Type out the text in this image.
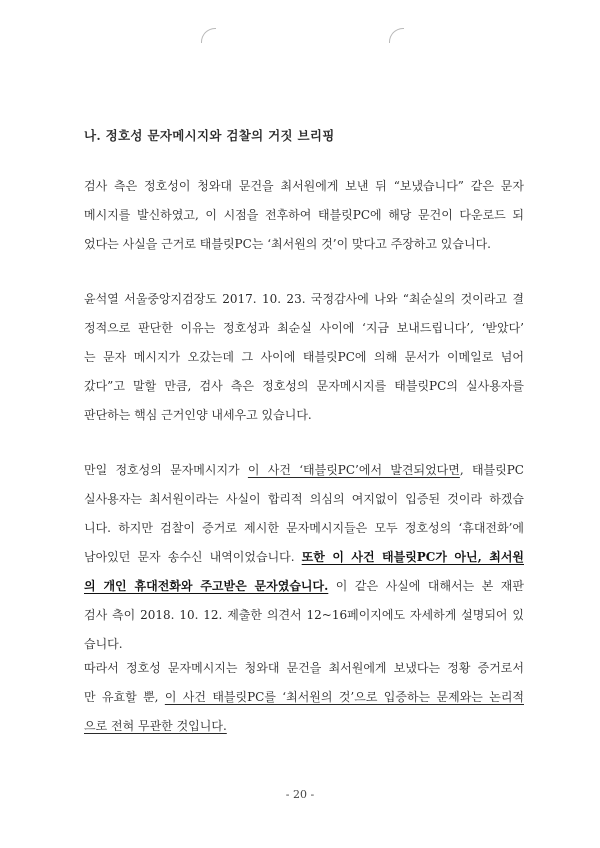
나. 정호성 문자메시지와 검찰의 거짓 브리핑
검사 측은 정호성이 청와대 문건을 최서원에게 보낸 뒤 “보냈습니다” 같은 문자
메시지를 발신하였고, 이 시점을 전후하여 태블릿PC에 해당 문건이 다운로드 되
었다는 사실을 근거로 태블릿PC는 ‘최서원의 것’이 맞다고 주장하고 있습니다.
윤석열 서울중앙지검장도 2017. 10. 23. 국정감사에 나와 “최순실의 것이라고 결
정적으로 판단한 이유는 정호성과 최순실 사이에 ‘지금 보내드립니다’, ‘받았다’
는 문자 메시지가 오갔는데 그 사이에 태블릿PC에 의해 문서가 이메일로 넘어
갔다”고 말할 만큼, 검사 측은 정호성의 문자메시지를 태블릿PC의 실사용자를
판단하는 핵심 근거인양 내세우고 있습니다.
만일 정호성의 문자메시지가 이 사건 ‘태블릿PC’에서 발견되었다면, 태블릿PC
실사용자는 최서원이라는 사실이 합리적 의심의 여지없이 입증된 것이라 하겠습
니다. 하지만 검찰이 증거로 제시한 문자메시지들은 모두 정호성의 ‘휴대전화’에
남아있던 문자 송수신 내역이었습니다. 또한 이 사건 태블릿PC가 아닌, 최서원
의 개인 휴대전화와 주고받은 문자였습니다. 이 같은 사실에 대해서는 본 재판
검사 측이 2018. 10. 12. 제출한 의견서 12~16페이지에도 자세하게 설명되어 있
습니다.
따라서 정호성 문자메시지는 청와대 문건을 최서원에게 보냈다는 정황 증거로서
만 유효할 뿐, 이 사건 태블릿PC를 ‘최서원의 것’으로 입증하는 문제와는 논리적
으로 전혀 무관한 것입니다.
- 20 -
